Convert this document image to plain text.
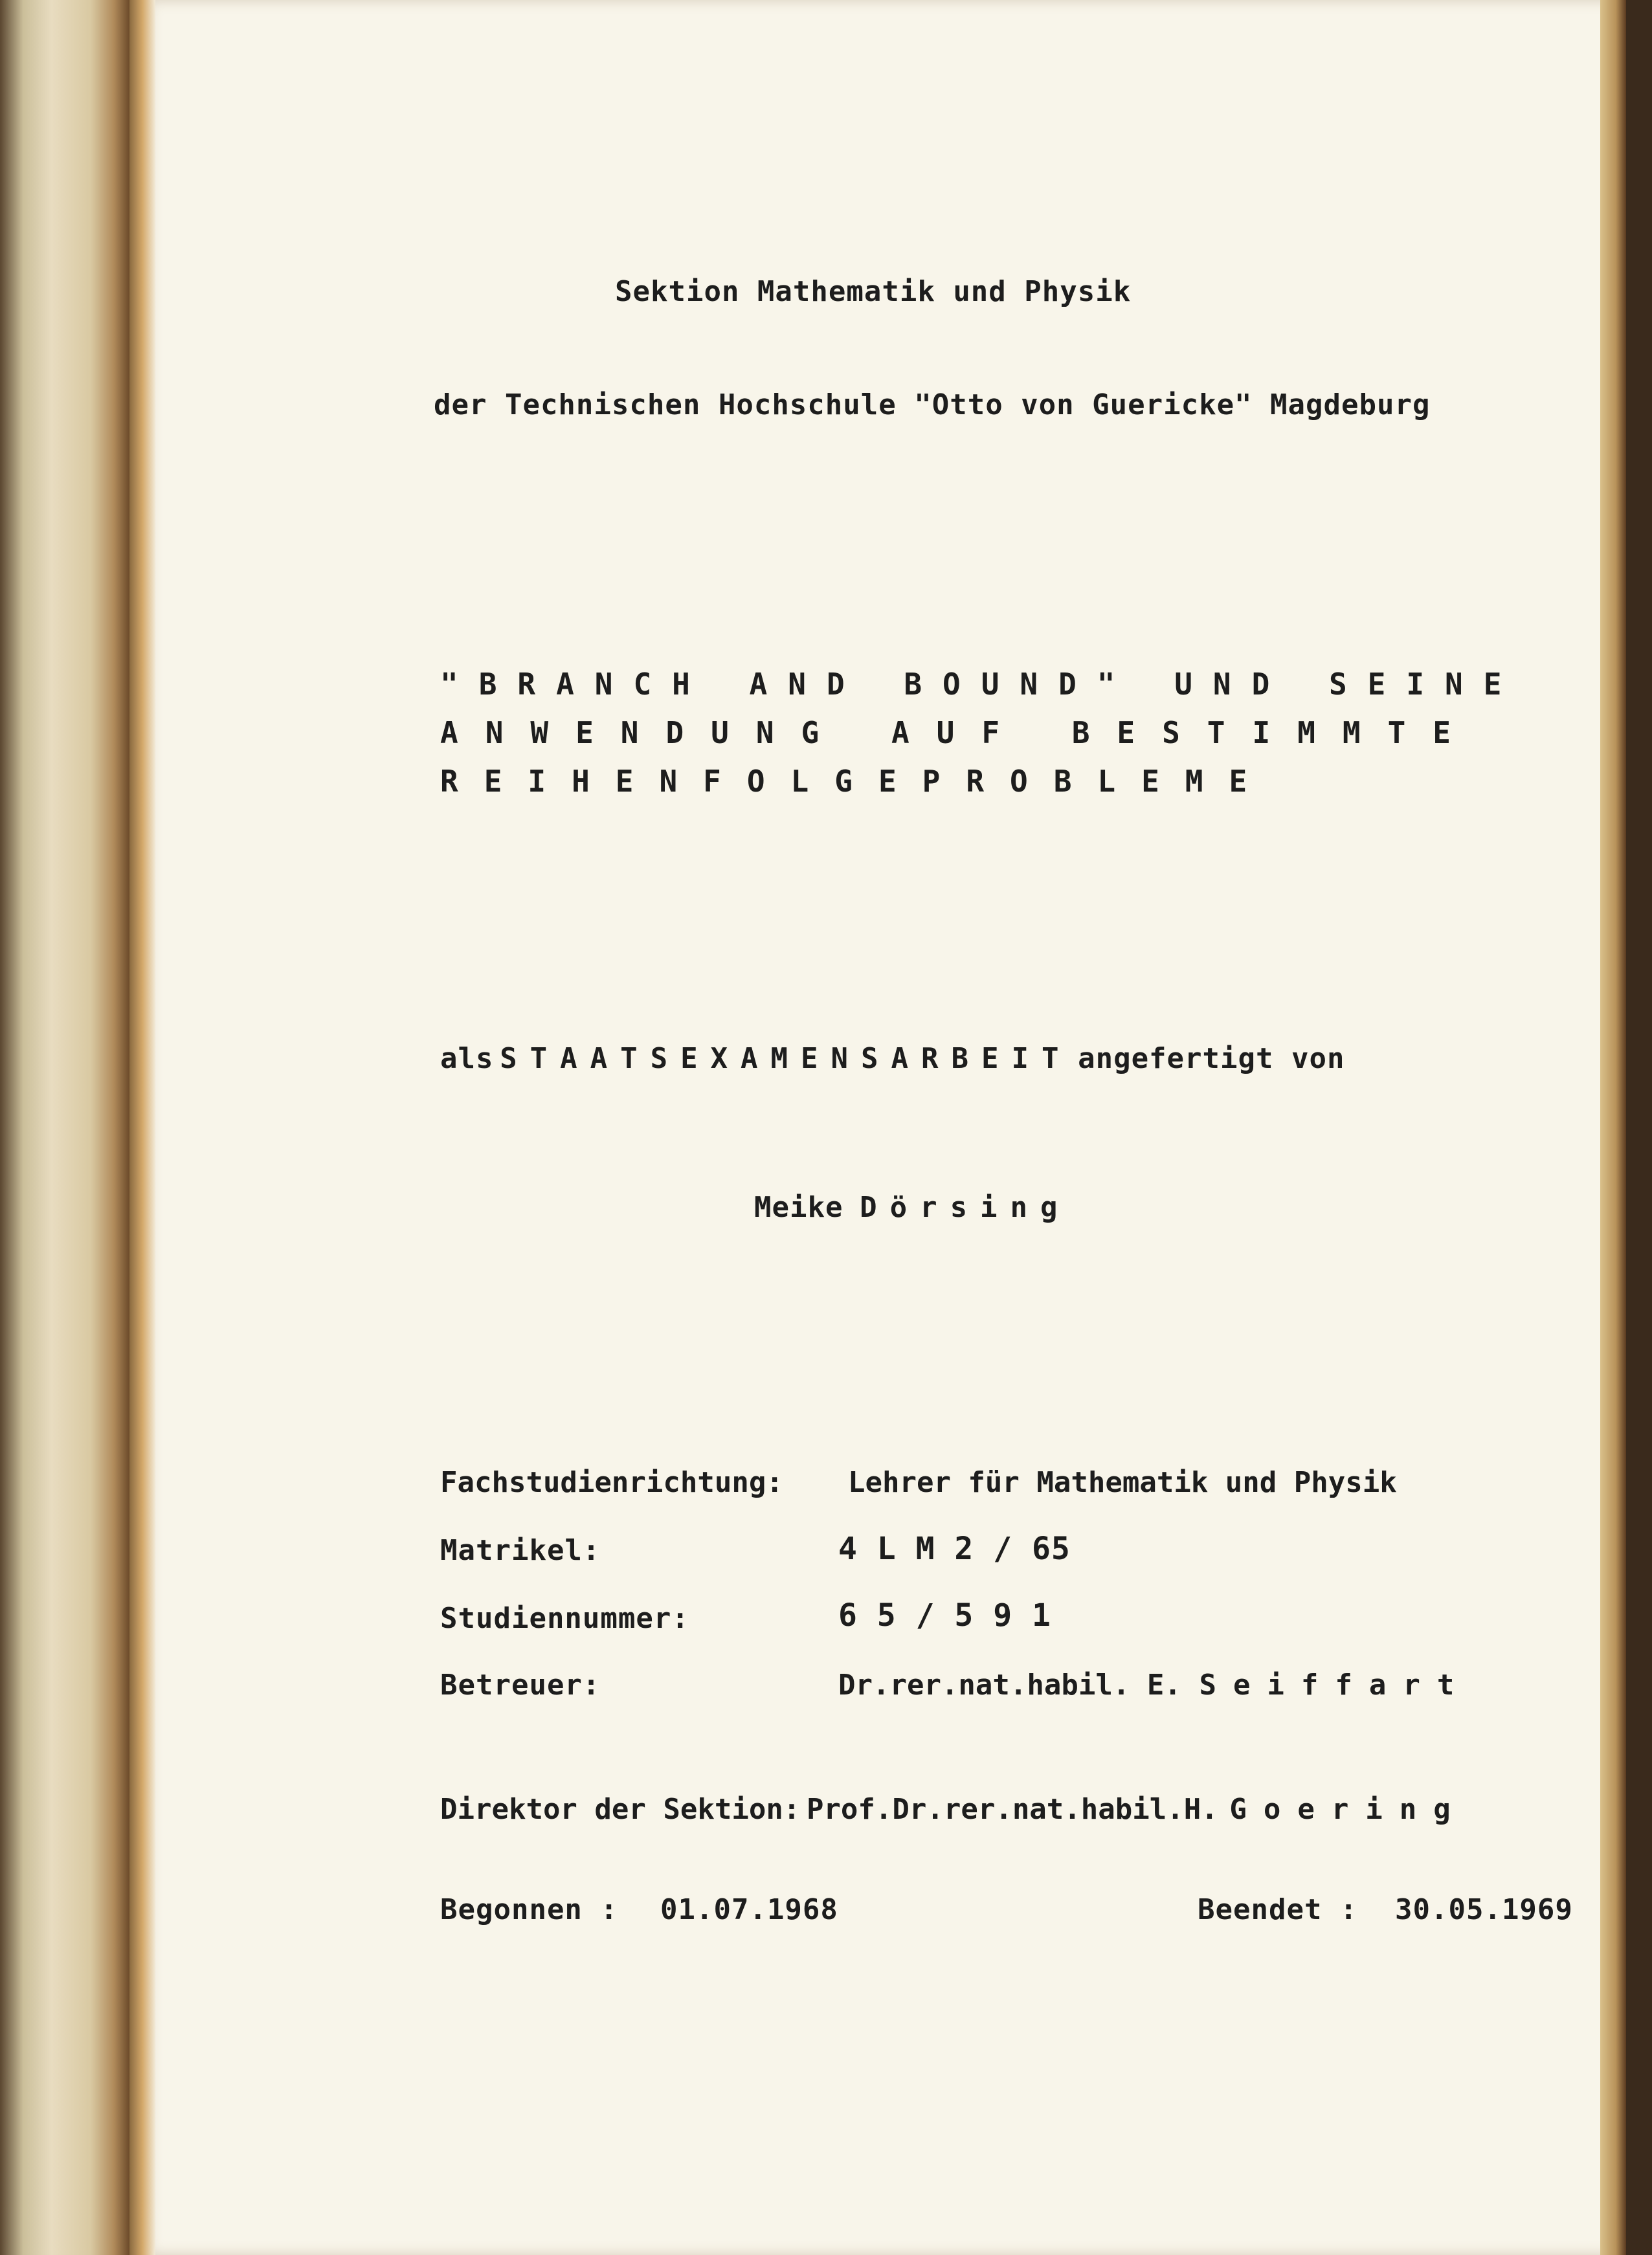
Sektion Mathematik und Physik
der Technischen Hochschule "Otto von Guericke" Magdeburg
"BRANCH AND BOUND" UND SEINE
ANWENDUNG AUF BESTIMMTE
REIHENFOLGEPROBLEME
als STAATSEXAMENSARBEIT angefertigt von
Meike Dörsing
Fachstudienrichtung: Lehrer für Mathematik und Physik
Matrikel:	4 L M 2 / 65
Studiennummer:	6 5 / 5 9 1
Betreuer:	Dr.rer.nat.habil. E. Seiffart
Direktor der Sektion: Prof.Dr.rer.nat.habil.H. Goering
Begonnen : 01.07.1968	Beendet : 30.05.1969
